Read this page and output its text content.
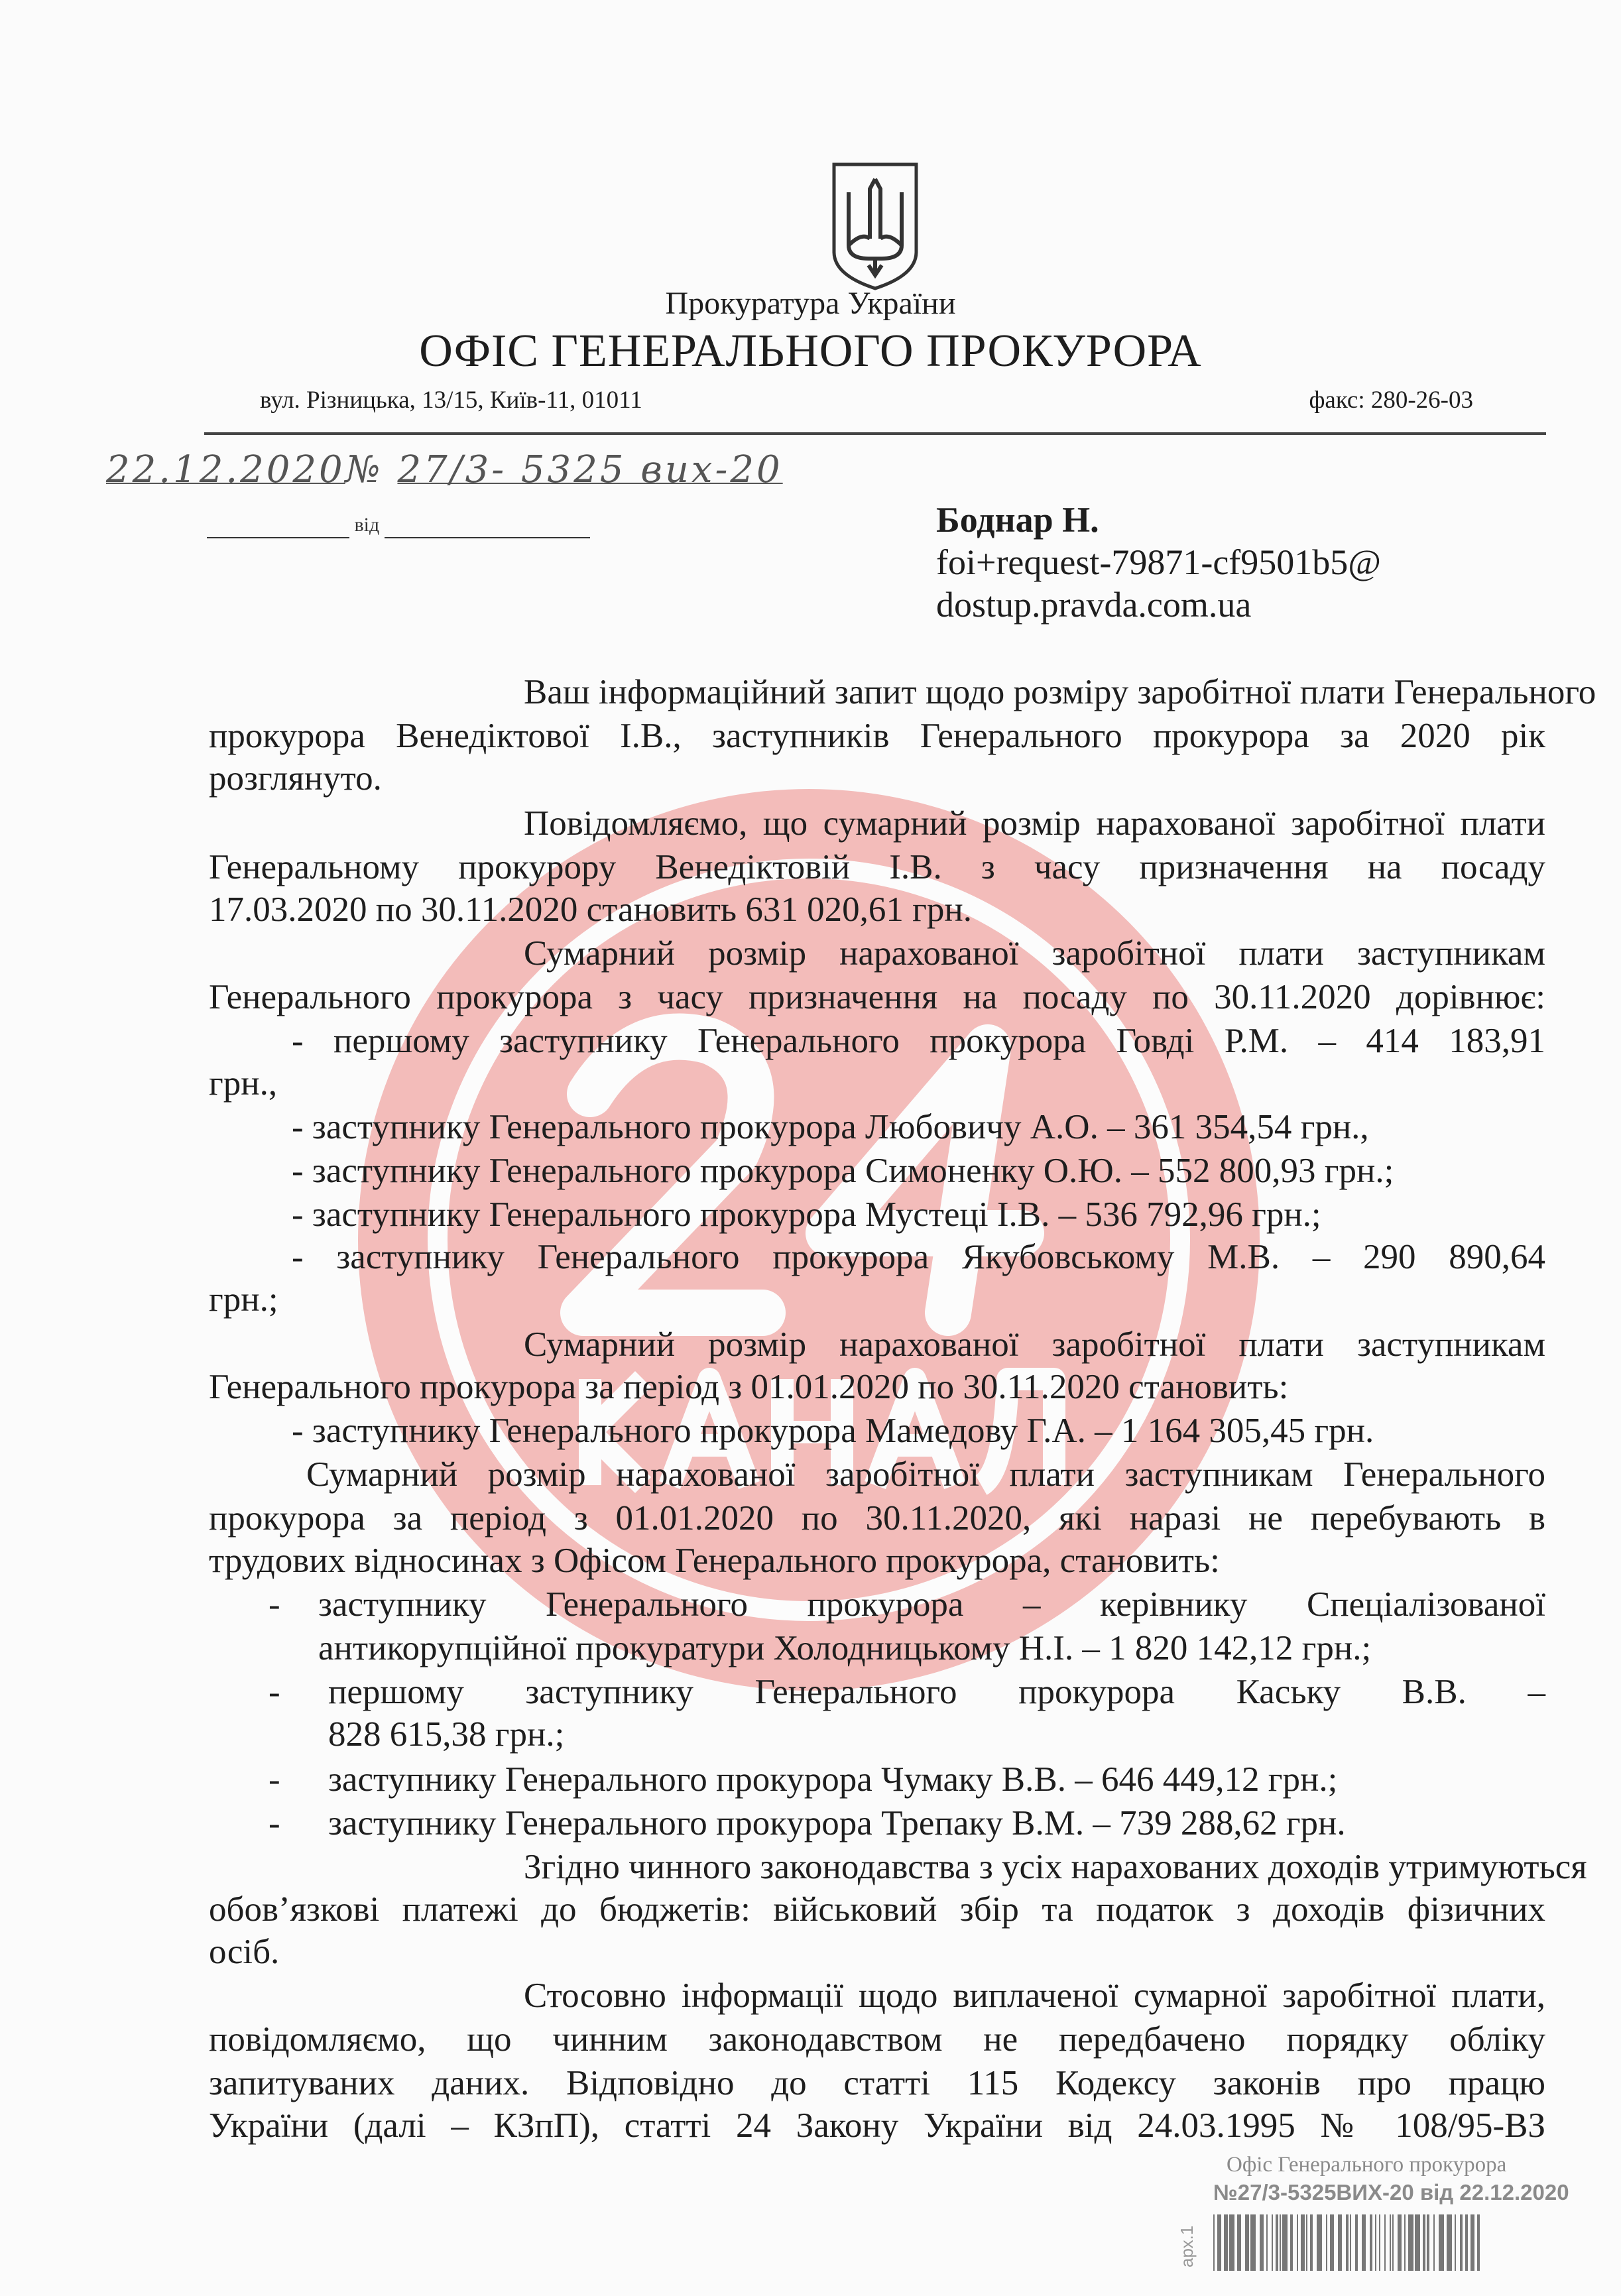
Прокуратура України
ОФІС ГЕНЕРАЛЬНОГО ПРОКУРОРА
вул. Різницька, 13/15, Київ-11, 01011	факс: 280-26-03
22.12.2020№ 27/3- 5325 вих-20
від	Боднар Н.
foi+request-79871-cf9501b5@
dostup.pravda.com.ua
Ваш інформаційний запит щодо розміру заробітної плати Генерального
прокурора Венедіктової І.В., заступників Генерального прокурора за 2020 рік
розглянуто.
Повідомляємо, що сумарний розмір нарахованої заробітної плати
Генеральному прокурору Венедіктовій І.В. з часу призначення на посаду
17.03.2020 по 30.11.2020 становить 631 020,61 грн.
Сумарний розмір нарахованої заробітної плати заступникам
Генерального прокурора з часу призначення на посаду по 30.11.2020 дорівнює:
- першому заступнику Генерального прокурора Говді Р.М. – 414 183,91
грн.,
- заступнику Генерального прокурора Любовичу А.О. – 361 354,54 грн.,
- заступнику Генерального прокурора Симоненку О.Ю. – 552 800,93 грн.;
- заступнику Генерального прокурора Мустеці І.В. – 536 792,96 грн.;
- заступнику Генерального прокурора Якубовському М.В. – 290 890,64
грн.;
Сумарний розмір нарахованої заробітної плати заступникам
Генерального прокурора за період з 01.01.2020 по 30.11.2020 становить:
- заступнику Генерального прокурора Мамедову Г.А. – 1 164 305,45 грн.
Сумарний розмір нарахованої заробітної плати заступникам Генерального
прокурора за період з 01.01.2020 по 30.11.2020, які наразі не перебувають в
трудових відносинах з Офісом Генерального прокурора, становить:
заступнику Генерального прокурора – керівнику Спеціалізованої
-
антикорупційної прокуратури Холодницькому Н.І. – 1 820 142,12 грн.;
першому заступнику Генерального прокурора Каську В.В. –
-
828 615,38 грн.;
заступнику Генерального прокурора Чумаку В.В. – 646 449,12 грн.;
-
заступнику Генерального прокурора Трепаку В.М. – 739 288,62 грн.
-
Згідно чинного законодавства з усіх нарахованих доходів утримуються
обов’язкові платежі до бюджетів: військовий збір та податок з доходів фізичних
осіб.
Стосовно інформації щодо виплаченої сумарної заробітної плати,
повідомляємо, що чинним законодавством не передбачено порядку обліку
запитуваних даних. Відповідно до статті 115 Кодексу законів про працю
України (далі – КЗпП), статті 24 Закону України від 24.03.1995 № 108/95-ВЗ
Офіс Генерального прокурора
№27/3-5325ВИХ-20 від 22.12.2020
арх.1
